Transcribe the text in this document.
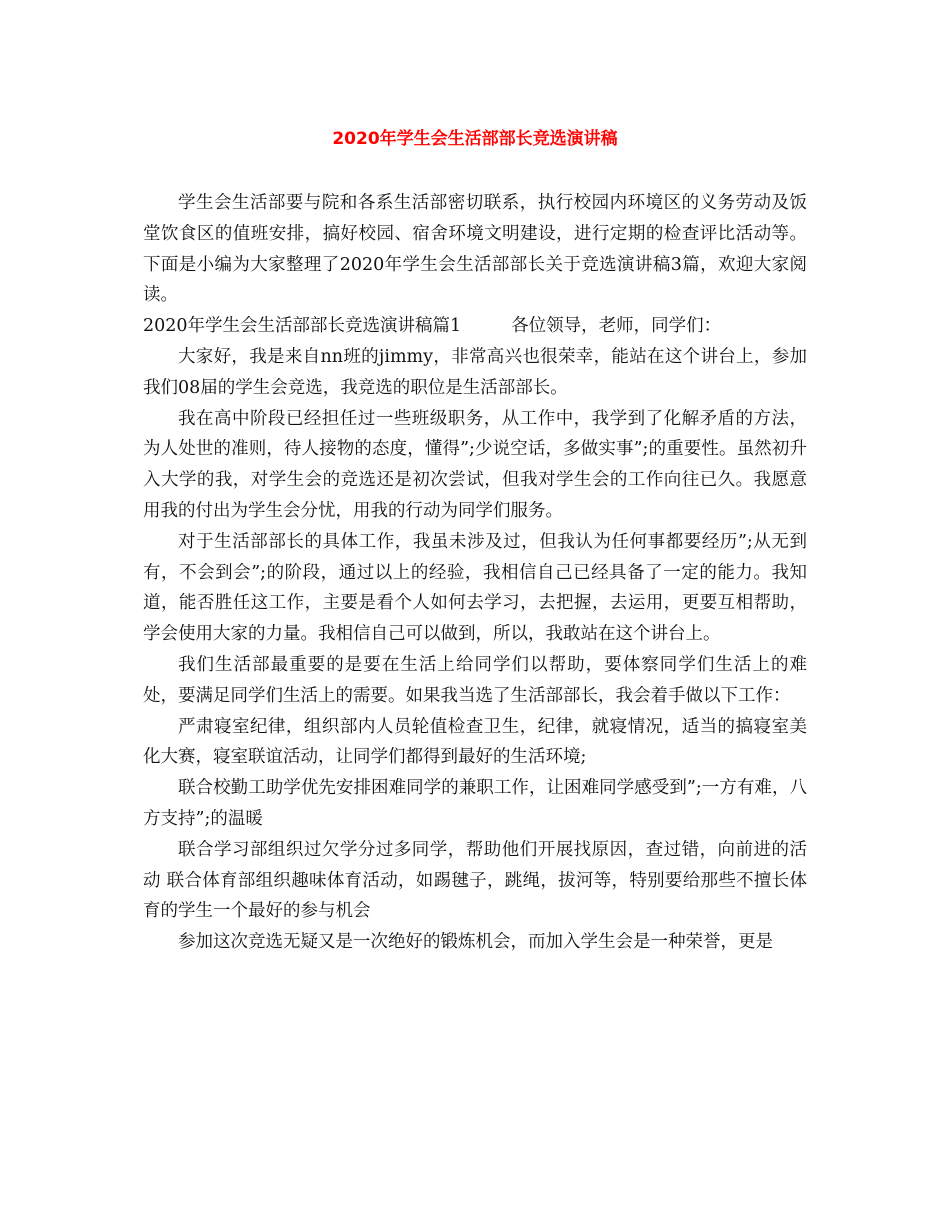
2020年学生会生活部部长竞选演讲稿

学生会生活部要与院和各系生活部密切联系，执行校园内环境区的义务劳动及饭堂饮食区的值班安排，搞好校园、宿舍环境文明建设，进行定期的检查评比活动等。下面是小编为大家整理了2020年学生会生活部部长关于竞选演讲稿3篇，欢迎大家阅读。

2020年学生会生活部部长竞选演讲稿篇1	各位领导，老师，同学们：

大家好，我是来自nn班的jimmy，非常高兴也很荣幸，能站在这个讲台上，参加我们08届的学生会竞选，我竞选的职位是生活部部长。

我在高中阶段已经担任过一些班级职务，从工作中，我学到了化解矛盾的方法，为人处世的准则，待人接物的态度，懂得”;少说空话，多做实事”;的重要性。虽然初升入大学的我，对学生会的竞选还是初次尝试，但我对学生会的工作向往已久。我愿意用我的付出为学生会分忧，用我的行动为同学们服务。

对于生活部部长的具体工作，我虽未涉及过，但我认为任何事都要经历”;从无到有，不会到会”;的阶段，通过以上的经验，我相信自己已经具备了一定的能力。我知道，能否胜任这工作，主要是看个人如何去学习，去把握，去运用，更要互相帮助，学会使用大家的力量。我相信自己可以做到，所以，我敢站在这个讲台上。

我们生活部最重要的是要在生活上给同学们以帮助，要体察同学们生活上的难处，要满足同学们生活上的需要。如果我当选了生活部部长，我会着手做以下工作：

严肃寝室纪律，组织部内人员轮值检查卫生，纪律，就寝情况，适当的搞寝室美化大赛，寝室联谊活动，让同学们都得到最好的生活环境;

联合校勤工助学优先安排困难同学的兼职工作，让困难同学感受到”;一方有难，八方支持”;的温暖

联合学习部组织过欠学分过多同学，帮助他们开展找原因，查过错，向前进的活动 联合体育部组织趣味体育活动，如踢毽子，跳绳，拔河等，特别要给那些不擅长体育的学生一个最好的参与机会

参加这次竞选无疑又是一次绝好的锻炼机会，而加入学生会是一种荣誉，更是
